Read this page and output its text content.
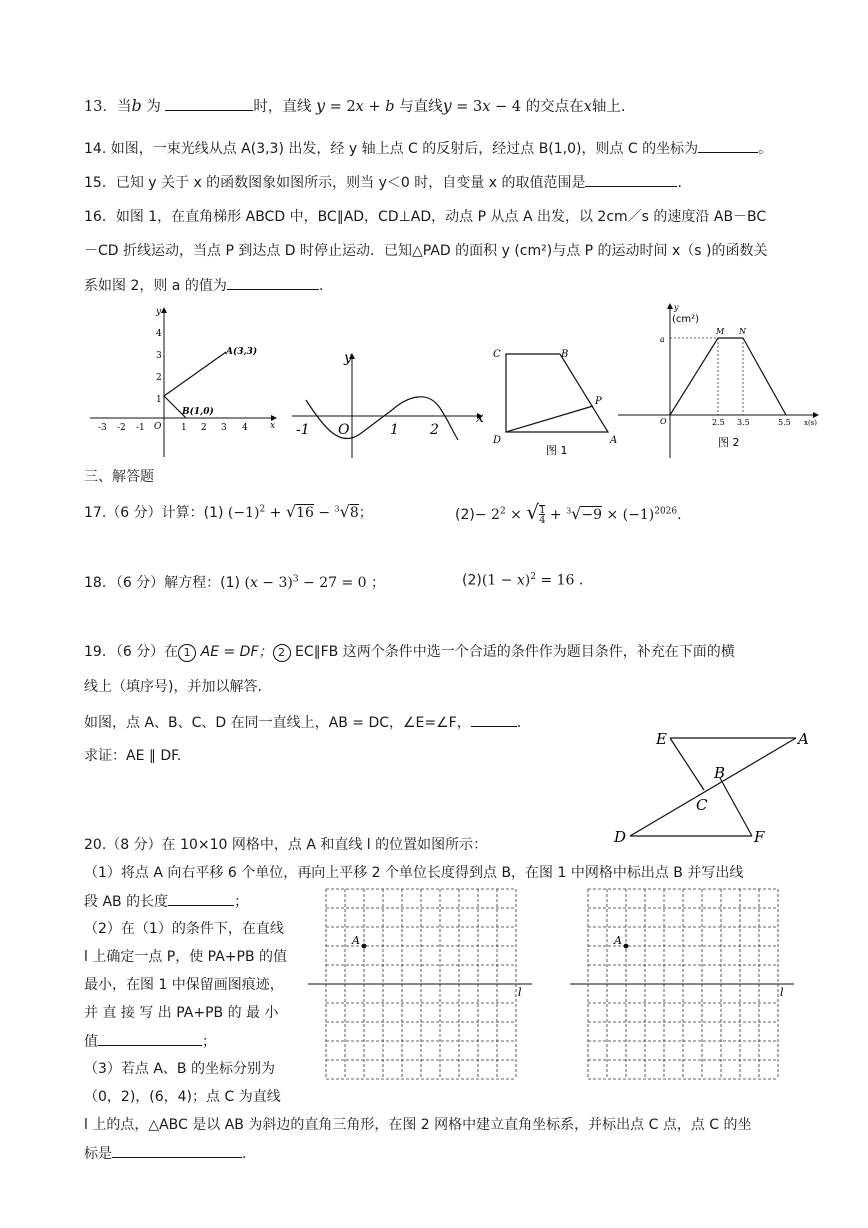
13．当b 为	时，直线 y = 2x + b 与直线y = 3x − 4 的交点在x轴上.
14. 如图，一束光线从点 A(3,3) 出发，经 y 轴上点 C 的反射后，经过点 B(1,0)，则点 C 的坐标为	。
15．已知 y 关于 x 的函数图象如图所示，则当 y＜0 时，自变量 x 的取值范围是	.
16．如图 1，在直角梯形 ABCD 中，BC∥AD，CD⊥AD，动点 P 从点 A 出发，以 2cm／s 的速度沿 AB－BC
－CD 折线运动，当点 P 到达点 D 时停止运动．已知△PAD 的面积 y (cm²)与点 P 的运动时间 x（s )的函数关
系如图 2，则 a 的值为	.
-3 -2 -1	1 2 3 4
1
2
3
4
O	x
y
A(3,3)
B(1,0)
-1 O	1 2
x
y	C	B
P
D	A
图 1
y
(cm²)
a
M N
O	2.5 3.5	5.5 x(s)
图 2
三、解答题
17.（6 分）计算：(1) $(-1)^2 + √16 - ^3√8$；	$(2)- 2^2 \times √1$
$4 + ^3√-9 \times (-1)^{2026}$.
18．（6 分）解方程：(1) $(x - 3)^3 - 27 = 0$ ；	$(2)(1 - x)^2 = 16$ .
19．（6 分）在 1 AE = DF； 2 EC∥FB 这两个条件中选一个合适的条件作为题目条件，补充在下面的横
线上（填序号)，并加以解答.
如图，点 A、B、C、D 在同一直线上，AB = DC，∠E=∠F，	.
求证：AE ∥ DF.
E	A
B
C
D	F
20.（8 分）在 10×10 网格中，点 A 和直线 l 的位置如图所示：
（1）将点 A 向右平移 6 个单位，再向上平移 2 个单位长度得到点 B，在图 1 中网格中标出点 B 并写出线
段 AB 的长度	；
（2）在（1）的条件下，在直线
l 上确定一点 P，使 PA+PB 的值
最小，在图 1 中保留画图痕迹，
并 直 接 写 出 PA+PB 的 最 小
值	；
（3）若点 A、B 的坐标分别为
（0，2)，(6，4)；点 C 为直线
l 上的点，△ABC 是以 AB 为斜边的直角三角形，在图 2 网格中建立直角坐标系，并标出点 C 点，点 C 的坐
标是	.
l
A
l
A
